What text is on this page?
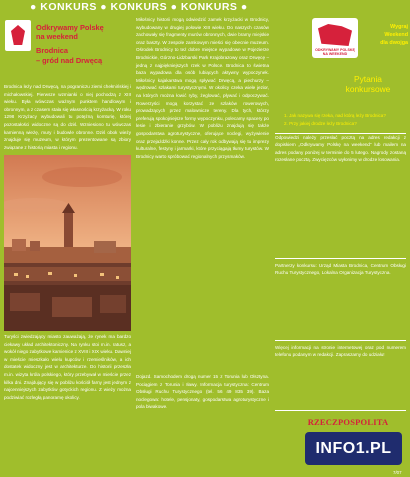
● KONKURS ● KONKURS ● KONKURS ●
Odkrywamy Polskę
na weekend
Brodnica
– gród nad Drwęcą

Brodnica leży nad Drwęcą, na pograniczu ziemi chełmińskiej i michałowskiej. Pierwsze wzmianki o niej pochodzą z XIII wieku. Była wówczas ważnym punktem handlowym i obronnym, a z czasem stała się własnością krzyżacką. W roku 1298 Krzyżacy wybudowali tu potężną komturię, której pozostałości widoczne są do dziś. Wzniesiono tu wówczas kamienną wieżę, mury i budowle obronne. Dziś obok wieży znajduje się muzeum, w którym prezentowane są zbiory związane z historią miasta i regionu.

Turyści zwiedzający miasto zauważają, że rynek ma bardzo ciekawy układ architektoniczny. Na rynku stoi m.in. ratusz, a wokół niego zabytkowe kamienice z XVIII i XIX wieku. Dawniej w mieście mieszkało wielu kupców i rzemieślników, a ich dostatek widoczny jest w architekturze. Do historii przeszła m.in. wizyta króla polskiego, który przebywał w mieście przez kilka dni. Znajdujący się w pobliżu kościół farny jest jednym z najcenniejszych zabytków gotyckich regionu. Z wieży można podziwiać rozległą panoramę okolicy.

Miłośnicy historii mogą odwiedzić zamek krzyżacki w Brodnicy, wybudowany w drugiej połowie XIII wieku. Do naszych czasów zachowały się fragmenty murów obronnych, dwie bramy miejskie oraz baszty. W zespole zamkowym mieści się obecnie muzeum. Ośrodek Brodnicy to też dobre miejsce wypadowe w Pojezierze Brodnickie, Górzno-Lidzbarski Park Krajobrazowy oraz Drwęcę – jedną z najpiękniejszych rzek w Polsce. Brodnica to świetna baza wypadowa dla osób lubiących aktywny wypoczynek. Miłośnicy kajakarstwa mogą spływać Drwęcą, a piechurzy – wędrować szlakami turystycznymi. W okolicy czeka wiele jezior, na których można łowić ryby, żeglować, pływać i odpoczywać. Rowerzyści mogą korzystać ze szlaków rowerowych, prowadzących przez malownicze tereny. Dla tych, którzy preferują spokojniejsze formy wypoczynku, polecamy spacery po lesie i zbieranie grzybów. W pobliżu znajdują się także gospodarstwa agroturystyczne, oferujące noclegi, wyżywienie oraz przejażdżki konne. Przez cały rok odbywają się tu imprezy kulturalne, festyny i jarmarki, które przyciągają tłumy turystów. W Brodnicy warto spróbować regionalnych przysmaków.

Dojazd. Samochodem drogą numer 15 z Torunia lub Olsztyna. Pociągiem z Torunia i Iławy. Informacja turystyczna: Centrum Obsługi Ruchu Turystycznego (tel. 56 49 835 39). Baza noclegowa: hotele, pensjonaty, gospodarstwa agroturystyczne i pola biwakowe.

ODKRYWAMY POLSKĘ NA WEEKEND
Wygraj
Weekend
dla dwojga
Pytania
konkursowe
1. Jak nazywa się rzeka, nad którą leży Brodnica?
2. Przy jakiej drodze leży Brodnica?

Odpowiedzi należy przesłać pocztą na adres redakcji z dopiskiem „Odkrywamy Polskę na weekend” lub mailem na adres podany poniżej w terminie do 5 lutego. Nagrody zostaną rozesłane pocztą. Zwycięzców wyłonimy w drodze losowania.

Partnerzy konkursu: Urząd Miasta Brodnica, Centrum Obsługi Ruchu Turystycznego, Lokalna Organizacja Turystyczna.

Więcej informacji na stronie internetowej oraz pod numerem telefonu podanym w redakcji. Zapraszamy do udziału!

RZECZPOSPOLITA
INFO1.PL
7/07
